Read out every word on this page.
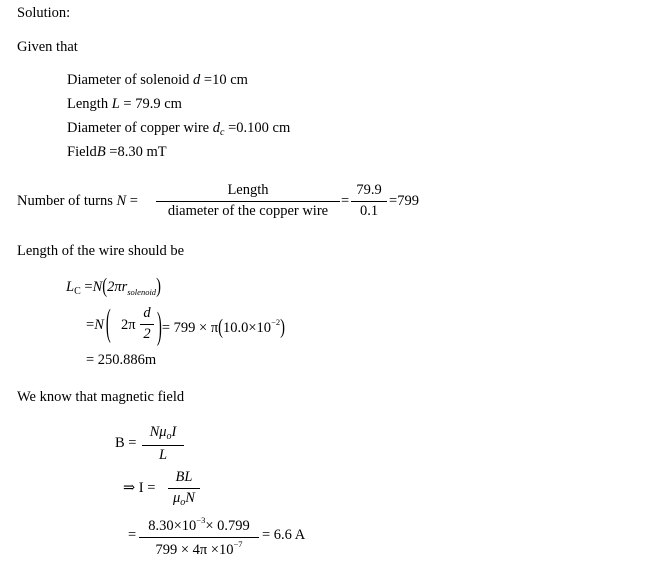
Solution:
Given that
Diameter of solenoid d =10 cm
Length L = 79.9 cm
Diameter of copper wire $d_c =0.100$ cm
FieldB =8.30 mT
Number of turns N =
Length
diameter of the copper wire
=
79.9
0.1
=799
Length of the wire should be
$L_C =N(2\pi r_{solenoid})$
=N ( 2π
d
2 )= $799 \times \pi(10.0\times 10^{-2})$
= 250.886m
We know that magnetic field
B =
$N\mu_oI$
L
⇒ I =
BL
$\mu_oN$
=
$8.30\times 10^{-3}\times 0.799$
$799 \times 4\pi \times 10^{-7}$
= 6.6 A
